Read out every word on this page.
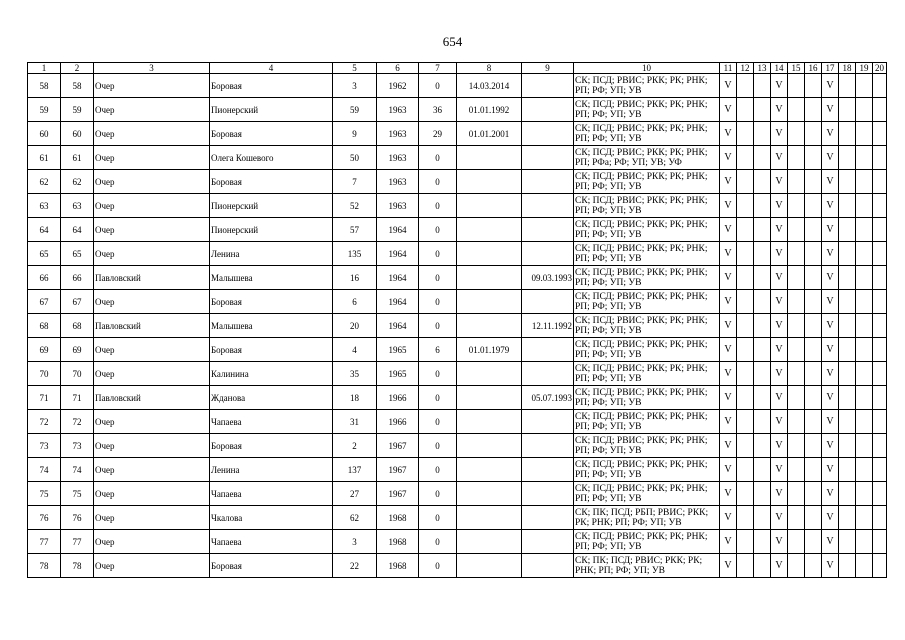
654
1	2	3	4	5	6	7	8	9	10	11	12	13	14	15	16	17	18	19	20
58	58	Очер	Боровая	3	1962	0	14.03.2014		СК; ПСД; РВИС; РКК; РК; РНК; РП; РФ; УП; УВ	V			V			V			
59	59	Очер	Пионерский	59	1963	36	01.01.1992		СК; ПСД; РВИС; РКК; РК; РНК; РП; РФ; УП; УВ	V			V			V			
60	60	Очер	Боровая	9	1963	29	01.01.2001		СК; ПСД; РВИС; РКК; РК; РНК; РП; РФ; УП; УВ	V			V			V			
61	61	Очер	Олега Кошевого	50	1963	0			СК; ПСД; РВИС; РКК; РК; РНК; РП; РФа; РФ; УП; УВ; УФ	V			V			V			
62	62	Очер	Боровая	7	1963	0			СК; ПСД; РВИС; РКК; РК; РНК; РП; РФ; УП; УВ	V			V			V			
63	63	Очер	Пионерский	52	1963	0			СК; ПСД; РВИС; РКК; РК; РНК; РП; РФ; УП; УВ	V			V			V			
64	64	Очер	Пионерский	57	1964	0			СК; ПСД; РВИС; РКК; РК; РНК; РП; РФ; УП; УВ	V			V			V			
65	65	Очер	Ленина	135	1964	0			СК; ПСД; РВИС; РКК; РК; РНК; РП; РФ; УП; УВ	V			V			V			
66	66	Павловский	Малышева	16	1964	0		09.03.1993	СК; ПСД; РВИС; РКК; РК; РНК; РП; РФ; УП; УВ	V			V			V			
67	67	Очер	Боровая	6	1964	0			СК; ПСД; РВИС; РКК; РК; РНК; РП; РФ; УП; УВ	V			V			V			
68	68	Павловский	Малышева	20	1964	0		12.11.1992	СК; ПСД; РВИС; РКК; РК; РНК; РП; РФ; УП; УВ	V			V			V			
69	69	Очер	Боровая	4	1965	6	01.01.1979		СК; ПСД; РВИС; РКК; РК; РНК; РП; РФ; УП; УВ	V			V			V			
70	70	Очер	Калинина	35	1965	0			СК; ПСД; РВИС; РКК; РК; РНК; РП; РФ; УП; УВ	V			V			V			
71	71	Павловский	Жданова	18	1966	0		05.07.1993	СК; ПСД; РВИС; РКК; РК; РНК; РП; РФ; УП; УВ	V			V			V			
72	72	Очер	Чапаева	31	1966	0			СК; ПСД; РВИС; РКК; РК; РНК; РП; РФ; УП; УВ	V			V			V			
73	73	Очер	Боровая	2	1967	0			СК; ПСД; РВИС; РКК; РК; РНК; РП; РФ; УП; УВ	V			V			V			
74	74	Очер	Ленина	137	1967	0			СК; ПСД; РВИС; РКК; РК; РНК; РП; РФ; УП; УВ	V			V			V			
75	75	Очер	Чапаева	27	1967	0			СК; ПСД; РВИС; РКК; РК; РНК; РП; РФ; УП; УВ	V			V			V			
76	76	Очер	Чкалова	62	1968	0			СК; ПК; ПСД; РБП; РВИС; РКК; РК; РНК; РП; РФ; УП; УВ	V			V			V			
77	77	Очер	Чапаева	3	1968	0			СК; ПСД; РВИС; РКК; РК; РНК; РП; РФ; УП; УВ	V			V			V			
78	78	Очер	Боровая	22	1968	0			СК; ПК; ПСД; РВИС; РКК; РК; РНК; РП; РФ; УП; УВ	V			V			V			
